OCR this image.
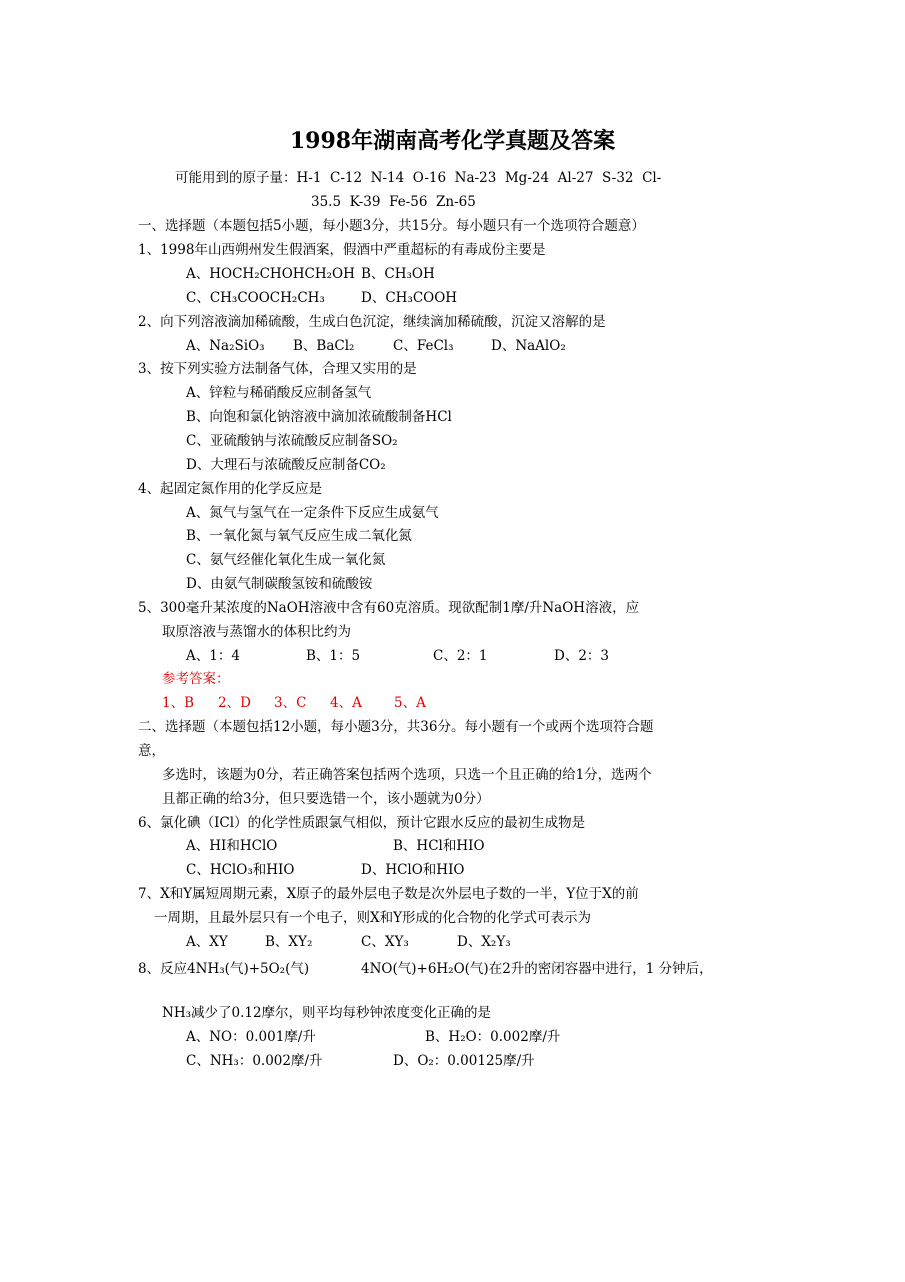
1998年湖南高考化学真题及答案
可能用到的原子量：H-1  C-12  N-14  O-16  Na-23  Mg-24  Al-27  S-32  Cl-
35.5  K-39  Fe-56  Zn-65
一、选择题（本题包括5小题，每小题3分，共15分。每小题只有一个选项符合题意）
1、1998年山西朔州发生假酒案，假酒中严重超标的有毒成份主要是
A、HOCH₂CHOHCH₂OH B、CH₃OH
C、CH₃COOCH₂CH₃	D、CH₃COOH
2、向下列溶液滴加稀硫酸，生成白色沉淀，继续滴加稀硫酸，沉淀又溶解的是
A、Na₂SiO₃ B、BaCl₂	C、FeCl₃	D、NaAlO₂
3、按下列实验方法制备气体，合理又实用的是
A、锌粒与稀硝酸反应制备氢气
B、向饱和氯化钠溶液中滴加浓硫酸制备HCl
C、亚硫酸钠与浓硫酸反应制备SO₂
D、大理石与浓硫酸反应制备CO₂
4、起固定氮作用的化学反应是
A、氮气与氢气在一定条件下反应生成氨气
B、一氧化氮与氧气反应生成二氧化氮
C、氨气经催化氧化生成一氧化氮
D、由氨气制碳酸氢铵和硫酸铵
5、300毫升某浓度的NaOH溶液中含有60克溶质。现欲配制1摩/升NaOH溶液，应
取原溶液与蒸馏水的体积比约为
A、1：4	B、1：5	C、2：1	D、2：3
参考答案：
1、B 2、D 3、C 4、A 5、A
二、选择题（本题包括12小题，每小题3分，共36分。每小题有一个或两个选项符合题
意，
多选时，该题为0分，若正确答案包括两个选项，只选一个且正确的给1分，选两个
且都正确的给3分，但只要选错一个，该小题就为0分）
6、氯化碘（ICl）的化学性质跟氯气相似，预计它跟水反应的最初生成物是
A、HI和HClO	B、HCl和HIO
C、HClO₃和HIO	D、HClO和HIO
7、X和Y属短周期元素，X原子的最外层电子数是次外层电子数的一半，Y位于X的前
一周期，且最外层只有一个电子，则X和Y形成的化合物的化学式可表示为
A、XY	B、XY₂	C、XY₃	D、X₂Y₃
8、反应4NH₃(气)+5O₂(气)	4NO(气)+6H₂O(气)在2升的密闭容器中进行，1 分钟后，
NH₃减少了0.12摩尔，则平均每秒钟浓度变化正确的是
A、NO：0.001摩/升	B、H₂O：0.002摩/升
C、NH₃：0.002摩/升	D、O₂：0.00125摩/升
